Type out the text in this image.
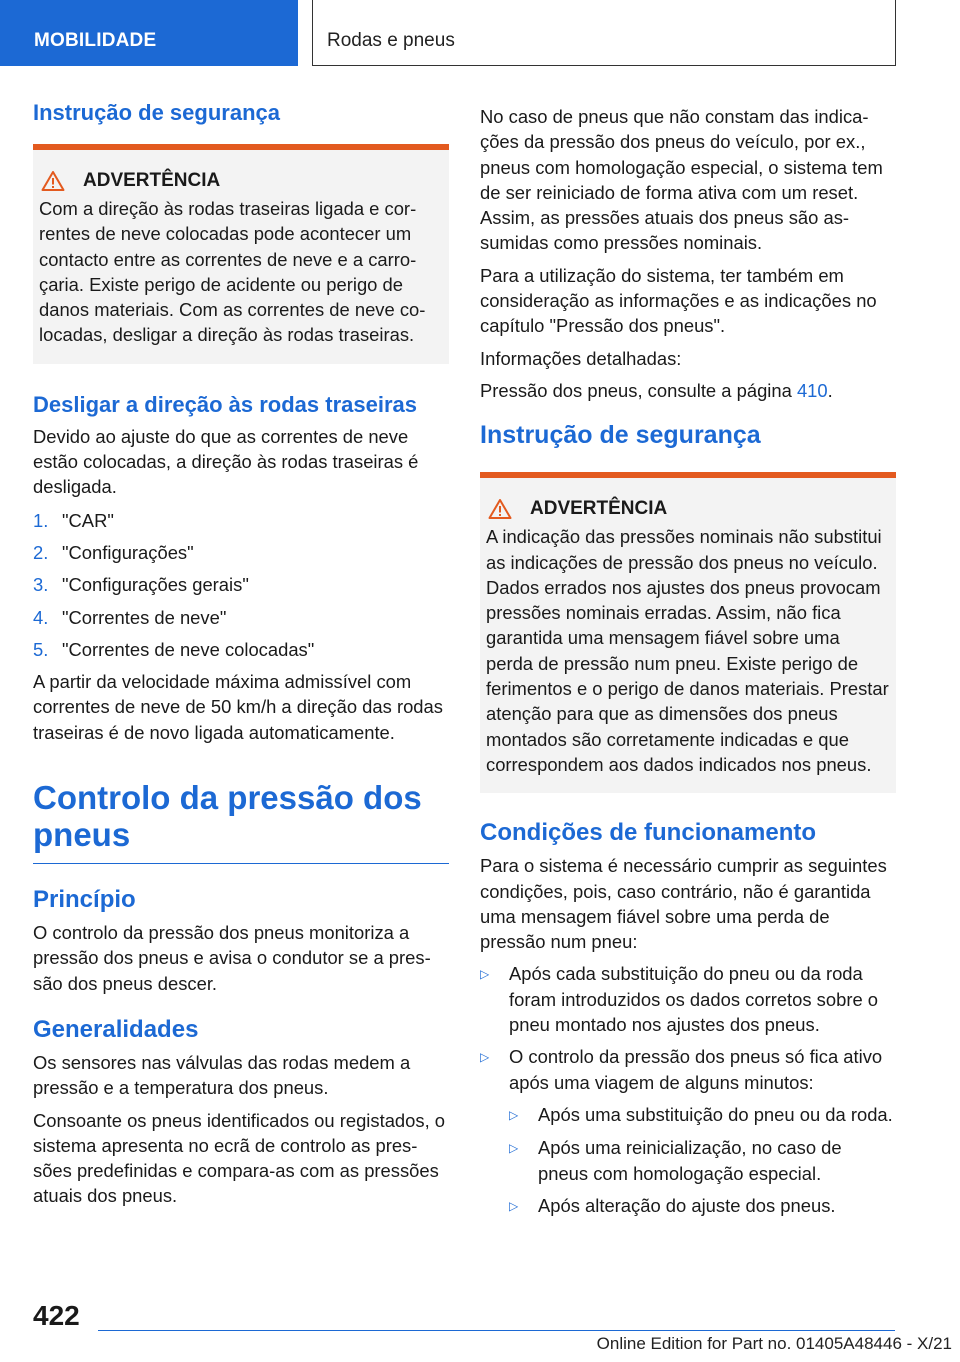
MOBILIDADE	Rodas e pneus
Instrução de segurança
ADVERTÊNCIA

Com a direção às rodas traseiras ligada e correntes de neve colocadas pode acontecer um contacto entre as correntes de neve e a carroçaria. Existe perigo de acidente ou perigo de danos materiais. Com as correntes de neve colocadas, desligar a direção às rodas traseiras.

Desligar a direção às rodas traseiras

Devido ao ajuste do que as correntes de neve estão colocadas, a direção às rodas traseiras é desligada.

1. "CAR"
2. "Configurações"
3. "Configurações gerais"
4. "Correntes de neve"
5. "Correntes de neve colocadas"

A partir da velocidade máxima admissível com correntes de neve de 50 km/h a direção das rodas traseiras é de novo ligada automaticamente.

Controlo da pressão dos pneus
Princípio

O controlo da pressão dos pneus monitoriza a pressão dos pneus e avisa o condutor se a pressão dos pneus descer.

Generalidades

Os sensores nas válvulas das rodas medem a pressão e a temperatura dos pneus.

Consoante os pneus identificados ou registados, o sistema apresenta no ecrã de controlo as pressões predefinidas e compara-as com as pressões atuais dos pneus.

No caso de pneus que não constam das indicações da pressão dos pneus do veículo, por ex., pneus com homologação especial, o sistema tem de ser reiniciado de forma ativa com um reset. Assim, as pressões atuais dos pneus são assumidas como pressões nominais.

Para a utilização do sistema, ter também em consideração as informações e as indicações no capítulo "Pressão dos pneus".

Informações detalhadas:

Pressão dos pneus, consulte a página 410.

Instrução de segurança
ADVERTÊNCIA

A indicação das pressões nominais não substitui as indicações de pressão dos pneus no veículo. Dados errados nos ajustes dos pneus provocam pressões nominais erradas. Assim, não fica garantida uma mensagem fiável sobre uma perda de pressão num pneu. Existe perigo de ferimentos e o perigo de danos materiais. Prestar atenção para que as dimensões dos pneus montados são corretamente indicadas e que correspondem aos dados indicados nos pneus.

Condições de funcionamento

Para o sistema é necessário cumprir as seguintes condições, pois, caso contrário, não é garantida uma mensagem fiável sobre uma perda de pressão num pneu:

▷	Após cada substituição do pneu ou da roda foram introduzidos os dados corretos sobre o pneu montado nos ajustes dos pneus.
▷	O controlo da pressão dos pneus só fica ativo após uma viagem de alguns minutos:
▷	Após uma substituição do pneu ou da roda.
▷	Após uma reinicialização, no caso de pneus com homologação especial.
▷	Após alteração do ajuste dos pneus.
422
Online Edition for Part no. 01405A48446 - X/21
